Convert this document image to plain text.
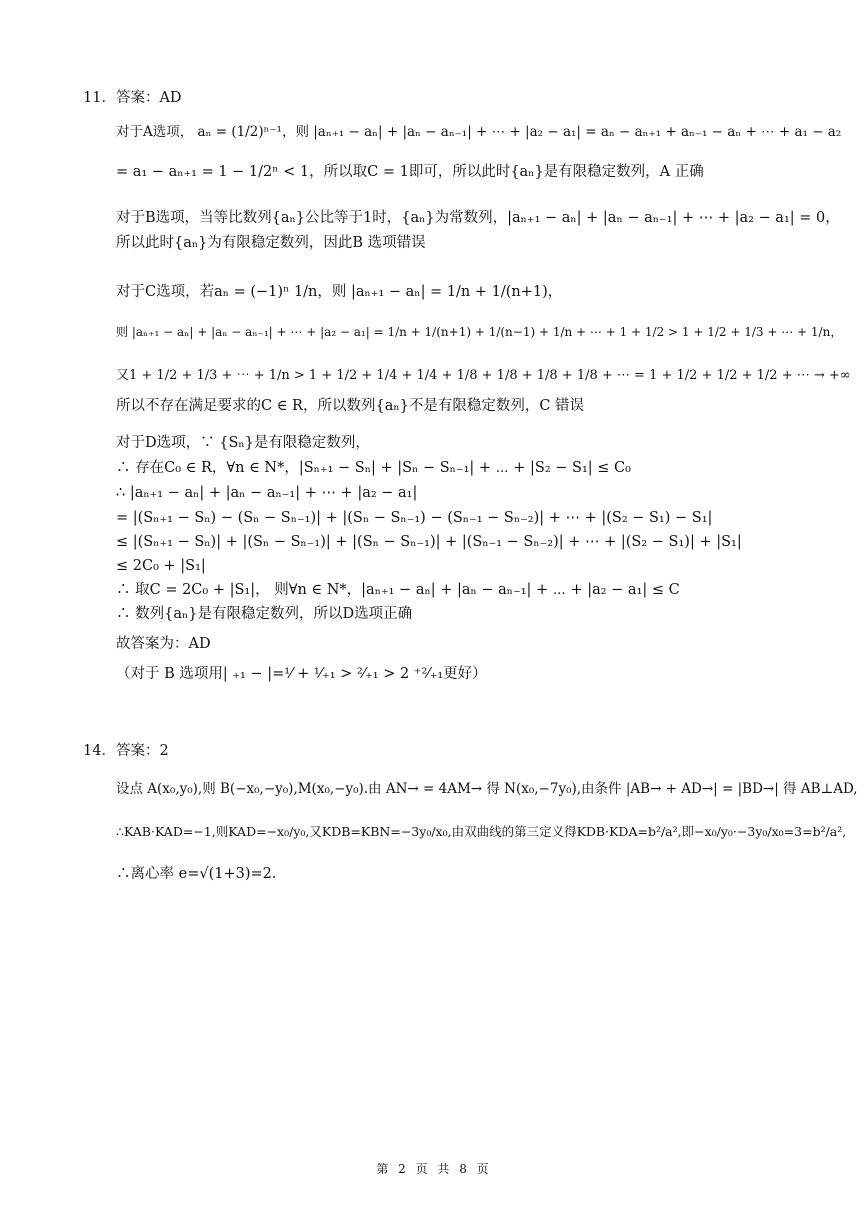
11．答案：AD
对于A选项， aₙ = (1/2)ⁿ⁻¹，则 |aₙ₊₁ − aₙ| + |aₙ − aₙ₋₁| + ⋯ + |a₂ − a₁| = aₙ − aₙ₊₁ + aₙ₋₁ − aₙ + ⋯ + a₁ − a₂
= a₁ − aₙ₊₁ = 1 − 1/2ⁿ < 1，所以取C = 1即可，所以此时{aₙ}是有限稳定数列，A 正确
对于B选项，当等比数列{aₙ}公比等于1时，{aₙ}为常数列，|aₙ₊₁ − aₙ| + |aₙ − aₙ₋₁| + ⋯ + |a₂ − a₁| = 0，
所以此时{aₙ}为有限稳定数列，因此B 选项错误
对于C选项，若aₙ = (−1)ⁿ 1/n，则 |aₙ₊₁ − aₙ| = 1/n + 1/(n+1)，
则 |aₙ₊₁ − aₙ| + |aₙ − aₙ₋₁| + ⋯ + |a₂ − a₁| = 1/n + 1/(n+1) + 1/(n−1) + 1/n + ⋯ + 1 + 1/2 > 1 + 1/2 + 1/3 + ⋯ + 1/n，
又1 + 1/2 + 1/3 + ⋯ + 1/n > 1 + 1/2 + 1/4 + 1/4 + 1/8 + 1/8 + 1/8 + 1/8 + ⋯ = 1 + 1/2 + 1/2 + 1/2 + ⋯ → +∞
所以不存在满足要求的C ∈ R，所以数列{aₙ}不是有限稳定数列，C 错误
对于D选项，∵ {Sₙ}是有限稳定数列，
∴ 存在C₀ ∈ R，∀n ∈ N*，|Sₙ₊₁ − Sₙ| + |Sₙ − Sₙ₋₁| + ⋯ + |S₂ − S₁| ≤ C₀
∴ |aₙ₊₁ − aₙ| + |aₙ − aₙ₋₁| + ⋯ + |a₂ − a₁|
= |(Sₙ₊₁ − Sₙ) − (Sₙ − Sₙ₋₁)| + |(Sₙ − Sₙ₋₁) − (Sₙ₋₁ − Sₙ₋₂)| + ⋯ + |(S₂ − S₁) − S₁|
≤ |(Sₙ₊₁ − Sₙ)| + |(Sₙ − Sₙ₋₁)| + |(Sₙ − Sₙ₋₁)| + |(Sₙ₋₁ − Sₙ₋₂)| + ⋯ + |(S₂ − S₁)| + |S₁|
≤ 2C₀ + |S₁|
∴ 取C = 2C₀ + |S₁|， 则∀n ∈ N*，|aₙ₊₁ − aₙ| + |aₙ − aₙ₋₁| + ⋯ + |a₂ − a₁| ≤ C
∴ 数列{aₙ}是有限稳定数列，所以D选项正确
故答案为：AD
（对于 B 选项用| ₊₁ − |=¹⁄ + ¹⁄₊₁ > ²⁄₊₁ > 2 ⁺²⁄₊₁更好）
14．答案：2
设点 A(x₀,y₀),则 B(−x₀,−y₀),M(x₀,−y₀).由 AN→ = 4AM→ 得 N(x₀,−7y₀),由条件 |AB→ + AD→| = |BD→| 得 AB⊥AD,
∴KAB·KAD=−1,则KAD=−x₀/y₀,又KDB=KBN=−3y₀/x₀,由双曲线的第三定义得KDB·KDA=b²/a²,即−x₀/y₀·−3y₀/x₀=3=b²/a²,
∴离心率 e=√(1+3)=2.
第 2 页 共 8 页
